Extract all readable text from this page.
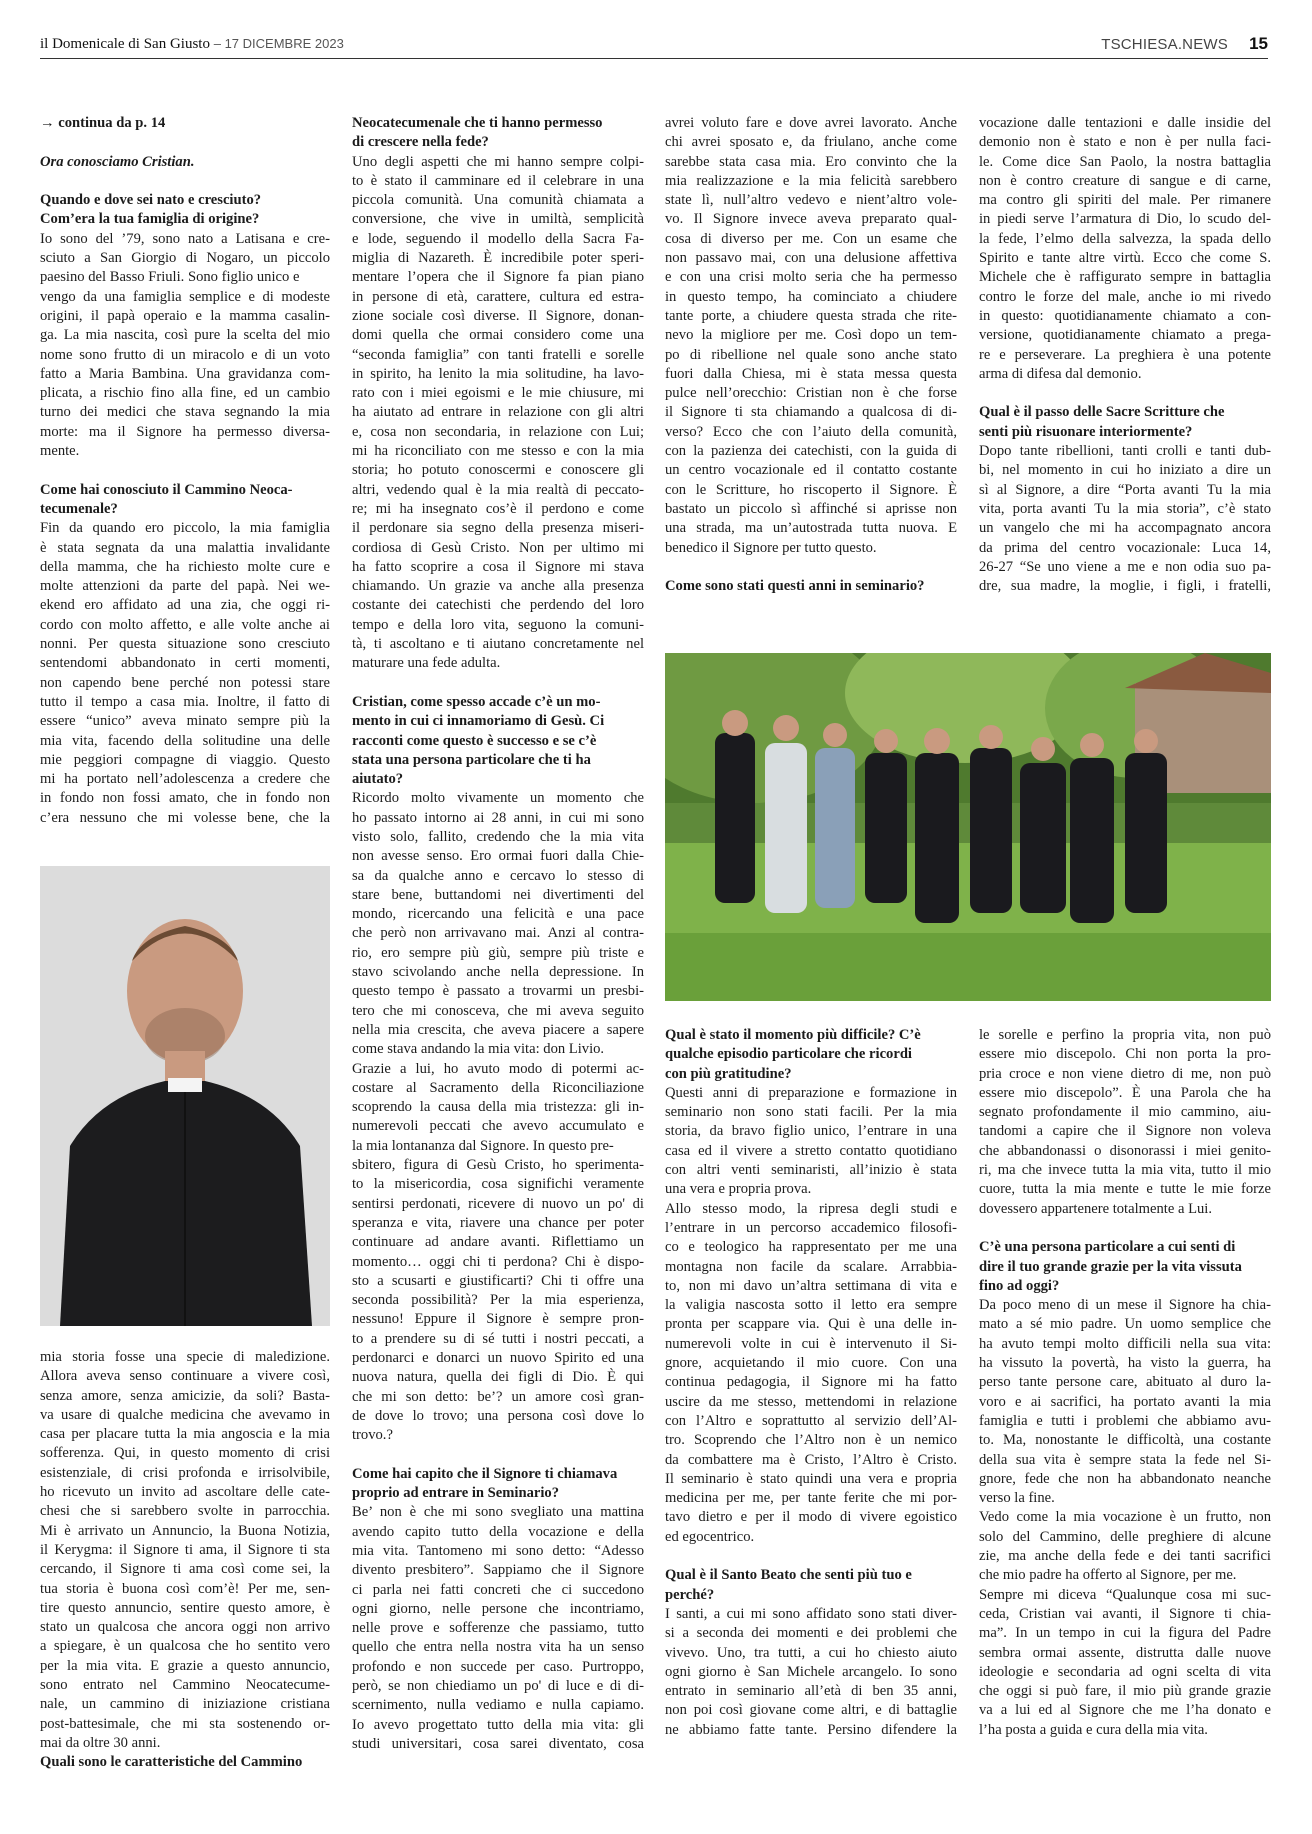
il Domenicale di San Giusto – 17 DICEMBRE 2023	TSCHIESA.NEWS 15

→ continua da p. 14

Ora conosciamo Cristian.

Quando e dove sei nato e cresciuto?

Com’era la tua famiglia di origine?

Io sono del ’79, sono nato a Latisana e cre-

sciuto a San Giorgio di Nogaro, un piccolo

paesino del Basso Friuli. Sono figlio unico e

vengo da una famiglia semplice e di modeste

origini, il papà operaio e la mamma casalin-

ga. La mia nascita, così pure la scelta del mio

nome sono frutto di un miracolo e di un voto

fatto a Maria Bambina. Una gravidanza com-

plicata, a rischio fino alla fine, ed un cambio

turno dei medici che stava segnando la mia

morte: ma il Signore ha permesso diversa-

mente.

Come hai conosciuto il Cammino Neoca-

tecumenale?

Fin da quando ero piccolo, la mia famiglia

è stata segnata da una malattia invalidante

della mamma, che ha richiesto molte cure e

molte attenzioni da parte del papà. Nei we-

ekend ero affidato ad una zia, che oggi ri-

cordo con molto affetto, e alle volte anche ai

nonni. Per questa situazione sono cresciuto

sentendomi abbandonato in certi momenti,

non capendo bene perché non potessi stare

tutto il tempo a casa mia. Inoltre, il fatto di

essere “unico” aveva minato sempre più la

mia vita, facendo della solitudine una delle

mie peggiori compagne di viaggio. Questo

mi ha portato nell’adolescenza a credere che

in fondo non fossi amato, che in fondo non

c’era nessuno che mi volesse bene, che la

mia storia fosse una specie di maledizione.

Allora aveva senso continuare a vivere così,

senza amore, senza amicizie, da soli? Basta-

va usare di qualche medicina che avevamo in

casa per placare tutta la mia angoscia e la mia

sofferenza. Qui, in questo momento di crisi

esistenziale, di crisi profonda e irrisolvibile,

ho ricevuto un invito ad ascoltare delle cate-

chesi che si sarebbero svolte in parrocchia.

Mi è arrivato un Annuncio, la Buona Notizia,

il Kerygma: il Signore ti ama, il Signore ti sta

cercando, il Signore ti ama così come sei, la

tua storia è buona così com’è! Per me, sen-

tire questo annuncio, sentire questo amore, è

stato un qualcosa che ancora oggi non arrivo

a spiegare, è un qualcosa che ho sentito vero

per la mia vita. E grazie a questo annuncio,

sono entrato nel Cammino Neocatecume-

nale, un cammino di iniziazione cristiana

post-battesimale, che mi sta sostenendo or-

mai da oltre 30 anni.

Quali sono le caratteristiche del Cammino

Neocatecumenale che ti hanno permesso

di crescere nella fede?

Uno degli aspetti che mi hanno sempre colpi-

to è stato il camminare ed il celebrare in una

piccola comunità. Una comunità chiamata a

conversione, che vive in umiltà, semplicità

e lode, seguendo il modello della Sacra Fa-

miglia di Nazareth. È incredibile poter speri-

mentare l’opera che il Signore fa pian piano

in persone di età, carattere, cultura ed estra-

zione sociale così diverse. Il Signore, donan-

domi quella che ormai considero come una

“seconda famiglia” con tanti fratelli e sorelle

in spirito, ha lenito la mia solitudine, ha lavo-

rato con i miei egoismi e le mie chiusure, mi

ha aiutato ad entrare in relazione con gli altri

e, cosa non secondaria, in relazione con Lui;

mi ha riconciliato con me stesso e con la mia

storia; ho potuto conoscermi e conoscere gli

altri, vedendo qual è la mia realtà di peccato-

re; mi ha insegnato cos’è il perdono e come

il perdonare sia segno della presenza miseri-

cordiosa di Gesù Cristo. Non per ultimo mi

ha fatto scoprire a cosa il Signore mi stava

chiamando. Un grazie va anche alla presenza

costante dei catechisti che perdendo del loro

tempo e della loro vita, seguono la comuni-

tà, ti ascoltano e ti aiutano concretamente nel

maturare una fede adulta.

Cristian, come spesso accade c’è un mo-

mento in cui ci innamoriamo di Gesù. Ci

racconti come questo è successo e se c’è

stata una persona particolare che ti ha

aiutato?

Ricordo molto vivamente un momento che

ho passato intorno ai 28 anni, in cui mi sono

visto solo, fallito, credendo che la mia vita

non avesse senso. Ero ormai fuori dalla Chie-

sa da qualche anno e cercavo lo stesso di

stare bene, buttandomi nei divertimenti del

mondo, ricercando una felicità e una pace

che però non arrivavano mai. Anzi al contra-

rio, ero sempre più giù, sempre più triste e

stavo scivolando anche nella depressione. In

questo tempo è passato a trovarmi un presbi-

tero che mi conosceva, che mi aveva seguito

nella mia crescita, che aveva piacere a sapere

come stava andando la mia vita: don Livio.

Grazie a lui, ho avuto modo di potermi ac-

costare al Sacramento della Riconciliazione

scoprendo la causa della mia tristezza: gli in-

numerevoli peccati che avevo accumulato e

la mia lontananza dal Signore. In questo pre-

sbitero, figura di Gesù Cristo, ho sperimenta-

to la misericordia, cosa significhi veramente

sentirsi perdonati, ricevere di nuovo un po' di

speranza e vita, riavere una chance per poter

continuare ad andare avanti. Riflettiamo un

momento… oggi chi ti perdona? Chi è dispo-

sto a scusarti e giustificarti? Chi ti offre una

seconda possibilità? Per la mia esperienza,

nessuno! Eppure il Signore è sempre pron-

to a prendere su di sé tutti i nostri peccati, a

perdonarci e donarci un nuovo Spirito ed una

nuova natura, quella dei figli di Dio. È qui

che mi son detto: be’? un amore così gran-

de dove lo trovo; una persona così dove lo

trovo.?

Come hai capito che il Signore ti chiamava

proprio ad entrare in Seminario?

Be’ non è che mi sono svegliato una mattina

avendo capito tutto della vocazione e della

mia vita. Tantomeno mi sono detto: “Adesso

divento presbitero”. Sappiamo che il Signore

ci parla nei fatti concreti che ci succedono

ogni giorno, nelle persone che incontriamo,

nelle prove e sofferenze che passiamo, tutto

quello che entra nella nostra vita ha un senso

profondo e non succede per caso. Purtroppo,

però, se non chiediamo un po' di luce e di di-

scernimento, nulla vediamo e nulla capiamo.

Io avevo progettato tutto della mia vita: gli

studi universitari, cosa sarei diventato, cosa

avrei voluto fare e dove avrei lavorato. Anche

chi avrei sposato e, da friulano, anche come

sarebbe stata casa mia. Ero convinto che la

mia realizzazione e la mia felicità sarebbero

state lì, null’altro vedevo e nient’altro vole-

vo. Il Signore invece aveva preparato qual-

cosa di diverso per me. Con un esame che

non passavo mai, con una delusione affettiva

e con una crisi molto seria che ha permesso

in questo tempo, ha cominciato a chiudere

tante porte, a chiudere questa strada che rite-

nevo la migliore per me. Così dopo un tem-

po di ribellione nel quale sono anche stato

fuori dalla Chiesa, mi è stata messa questa

pulce nell’orecchio: Cristian non è che forse

il Signore ti sta chiamando a qualcosa di di-

verso? Ecco che con l’aiuto della comunità,

con la pazienza dei catechisti, con la guida di

un centro vocazionale ed il contatto costante

con le Scritture, ho riscoperto il Signore. È

bastato un piccolo sì affinché si aprisse non

una strada, ma un’autostrada tutta nuova. E

benedico il Signore per tutto questo.

Come sono stati questi anni in seminario?

Qual è stato il momento più difficile? C’è

qualche episodio particolare che ricordi

con più gratitudine?

Questi anni di preparazione e formazione in

seminario non sono stati facili. Per la mia

storia, da bravo figlio unico, l’entrare in una

casa ed il vivere a stretto contatto quotidiano

con altri venti seminaristi, all’inizio è stata

una vera e propria prova.

Allo stesso modo, la ripresa degli studi e

l’entrare in un percorso accademico filosofi-

co e teologico ha rappresentato per me una

montagna non facile da scalare. Arrabbia-

to, non mi davo un’altra settimana di vita e

la valigia nascosta sotto il letto era sempre

pronta per scappare via. Qui è una delle in-

numerevoli volte in cui è intervenuto il Si-

gnore, acquietando il mio cuore. Con una

continua pedagogia, il Signore mi ha fatto

uscire da me stesso, mettendomi in relazione

con l’Altro e soprattutto al servizio dell’Al-

tro. Scoprendo che l’Altro non è un nemico

da combattere ma è Cristo, l’Altro è Cristo.

Il seminario è stato quindi una vera e propria

medicina per me, per tante ferite che mi por-

tavo dietro e per il modo di vivere egoistico

ed egocentrico.

Qual è il Santo Beato che senti più tuo e

perché?

I santi, a cui mi sono affidato sono stati diver-

si a seconda dei momenti e dei problemi che

vivevo. Uno, tra tutti, a cui ho chiesto aiuto

ogni giorno è San Michele arcangelo. Io sono

entrato in seminario all’età di ben 35 anni,

non poi così giovane come altri, e di battaglie

ne abbiamo fatte tante. Persino difendere la

vocazione dalle tentazioni e dalle insidie del

demonio non è stato e non è per nulla faci-

le. Come dice San Paolo, la nostra battaglia

non è contro creature di sangue e di carne,

ma contro gli spiriti del male. Per rimanere

in piedi serve l’armatura di Dio, lo scudo del-

la fede, l’elmo della salvezza, la spada dello

Spirito e tante altre virtù. Ecco che come S.

Michele che è raffigurato sempre in battaglia

contro le forze del male, anche io mi rivedo

in questo: quotidianamente chiamato a con-

versione, quotidianamente chiamato a prega-

re e perseverare. La preghiera è una potente

arma di difesa dal demonio.

Qual è il passo delle Sacre Scritture che

senti più risuonare interiormente?

Dopo tante ribellioni, tanti crolli e tanti dub-

bi, nel momento in cui ho iniziato a dire un

sì al Signore, a dire “Porta avanti Tu la mia

vita, porta avanti Tu la mia storia”, c’è stato

un vangelo che mi ha accompagnato ancora

da prima del centro vocazionale: Luca 14,

26-27 “Se uno viene a me e non odia suo pa-

dre, sua madre, la moglie, i figli, i fratelli,

le sorelle e perfino la propria vita, non può

essere mio discepolo. Chi non porta la pro-

pria croce e non viene dietro di me, non può

essere mio discepolo”. È una Parola che ha

segnato profondamente il mio cammino, aiu-

tandomi a capire che il Signore non voleva

che abbandonassi o disonorassi i miei genito-

ri, ma che invece tutta la mia vita, tutto il mio

cuore, tutta la mia mente e tutte le mie forze

dovessero appartenere totalmente a Lui.

C’è una persona particolare a cui senti di

dire il tuo grande grazie per la vita vissuta

fino ad oggi?

Da poco meno di un mese il Signore ha chia-

mato a sé mio padre. Un uomo semplice che

ha avuto tempi molto difficili nella sua vita:

ha vissuto la povertà, ha visto la guerra, ha

perso tante persone care, abituato al duro la-

voro e ai sacrifici, ha portato avanti la mia

famiglia e tutti i problemi che abbiamo avu-

to. Ma, nonostante le difficoltà, una costante

della sua vita è sempre stata la fede nel Si-

gnore, fede che non ha abbandonato neanche

verso la fine.

Vedo come la mia vocazione è un frutto, non

solo del Cammino, delle preghiere di alcune

zie, ma anche della fede e dei tanti sacrifici

che mio padre ha offerto al Signore, per me.

Sempre mi diceva “Qualunque cosa mi suc-

ceda, Cristian vai avanti, il Signore ti chia-

ma”. In un tempo in cui la figura del Padre

sembra ormai assente, distrutta dalle nuove

ideologie e secondaria ad ogni scelta di vita

che oggi si può fare, il mio più grande grazie

va a lui ed al Signore che me l’ha donato e

l’ha posta a guida e cura della mia vita.
